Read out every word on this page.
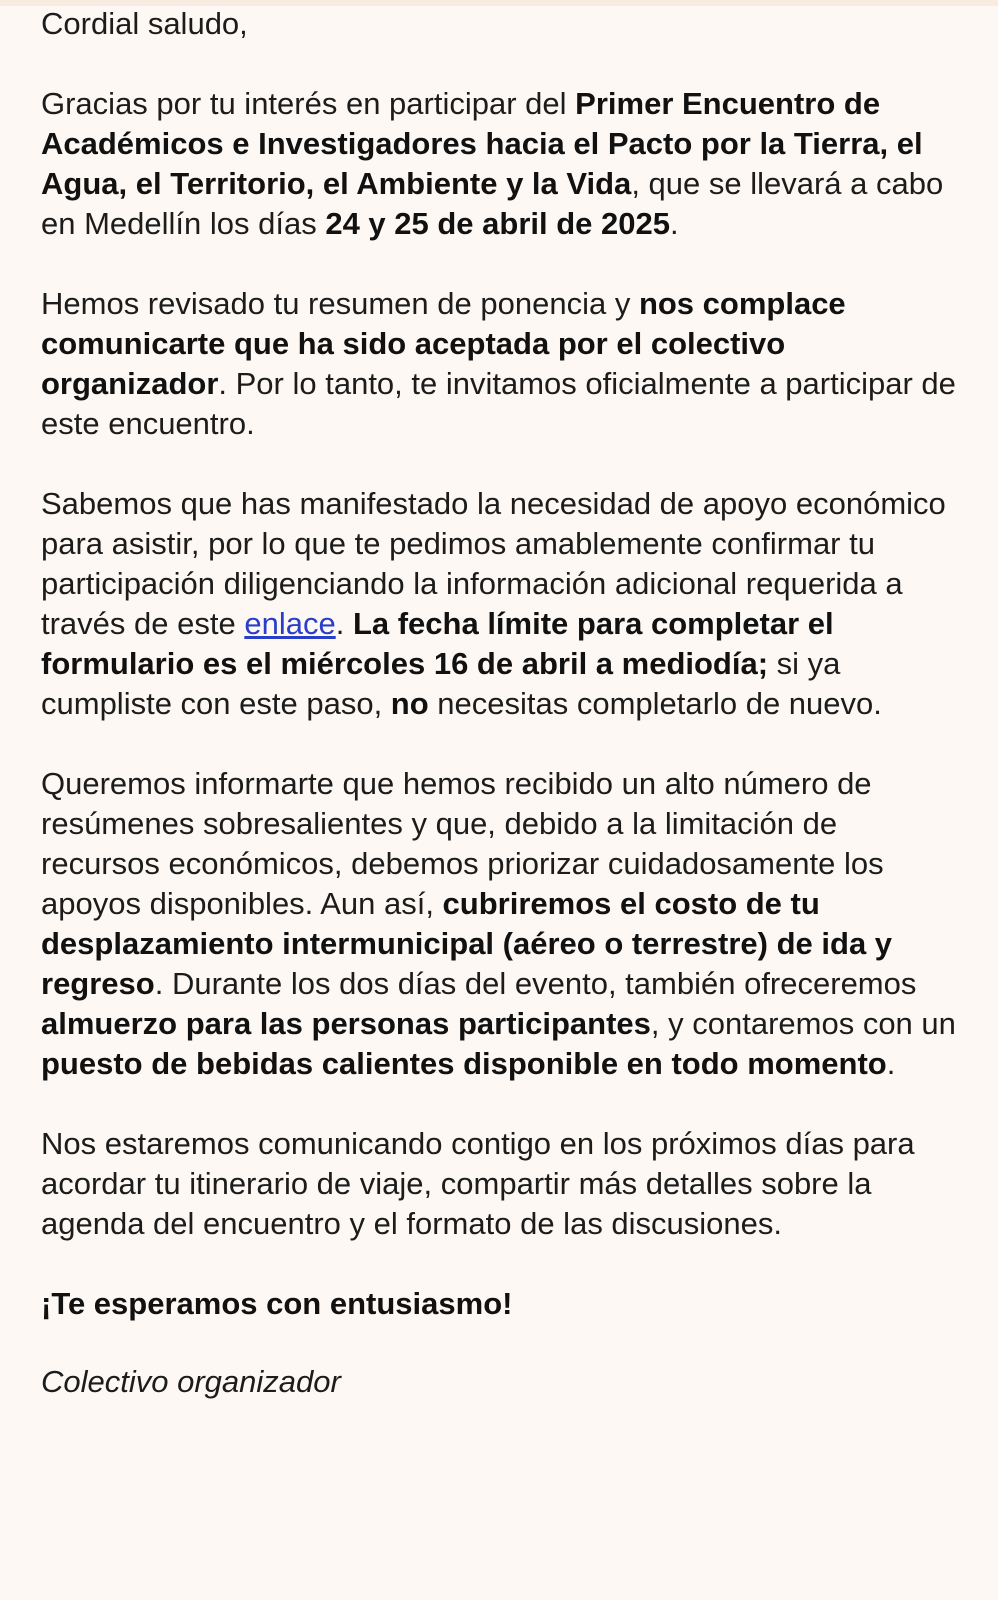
Cordial saludo,

Gracias por tu interés en participar del Primer Encuentro de Académicos e Investigadores hacia el Pacto por la Tierra, el Agua, el Territorio, el Ambiente y la Vida, que se llevará a cabo en Medellín los días 24 y 25 de abril de 2025.

Hemos revisado tu resumen de ponencia y nos complace comunicarte que ha sido aceptada por el colectivo organizador. Por lo tanto, te invitamos oficialmente a participar de este encuentro.

Sabemos que has manifestado la necesidad de apoyo económico para asistir, por lo que te pedimos amablemente confirmar tu participación diligenciando la información adicional requerida a través de este enlace. La fecha límite para completar el formulario es el miércoles 16 de abril a mediodía; si ya cumpliste con este paso, no necesitas completarlo de nuevo.

Queremos informarte que hemos recibido un alto número de resúmenes sobresalientes y que, debido a la limitación de recursos económicos, debemos priorizar cuidadosamente los apoyos disponibles. Aun así, cubriremos el costo de tu desplazamiento intermunicipal (aéreo o terrestre) de ida y regreso. Durante los dos días del evento, también ofreceremos almuerzo para las personas participantes, y contaremos con un puesto de bebidas calientes disponible en todo momento.

Nos estaremos comunicando contigo en los próximos días para acordar tu itinerario de viaje, compartir más detalles sobre la agenda del encuentro y el formato de las discusiones.

¡Te esperamos con entusiasmo!

Colectivo organizador
